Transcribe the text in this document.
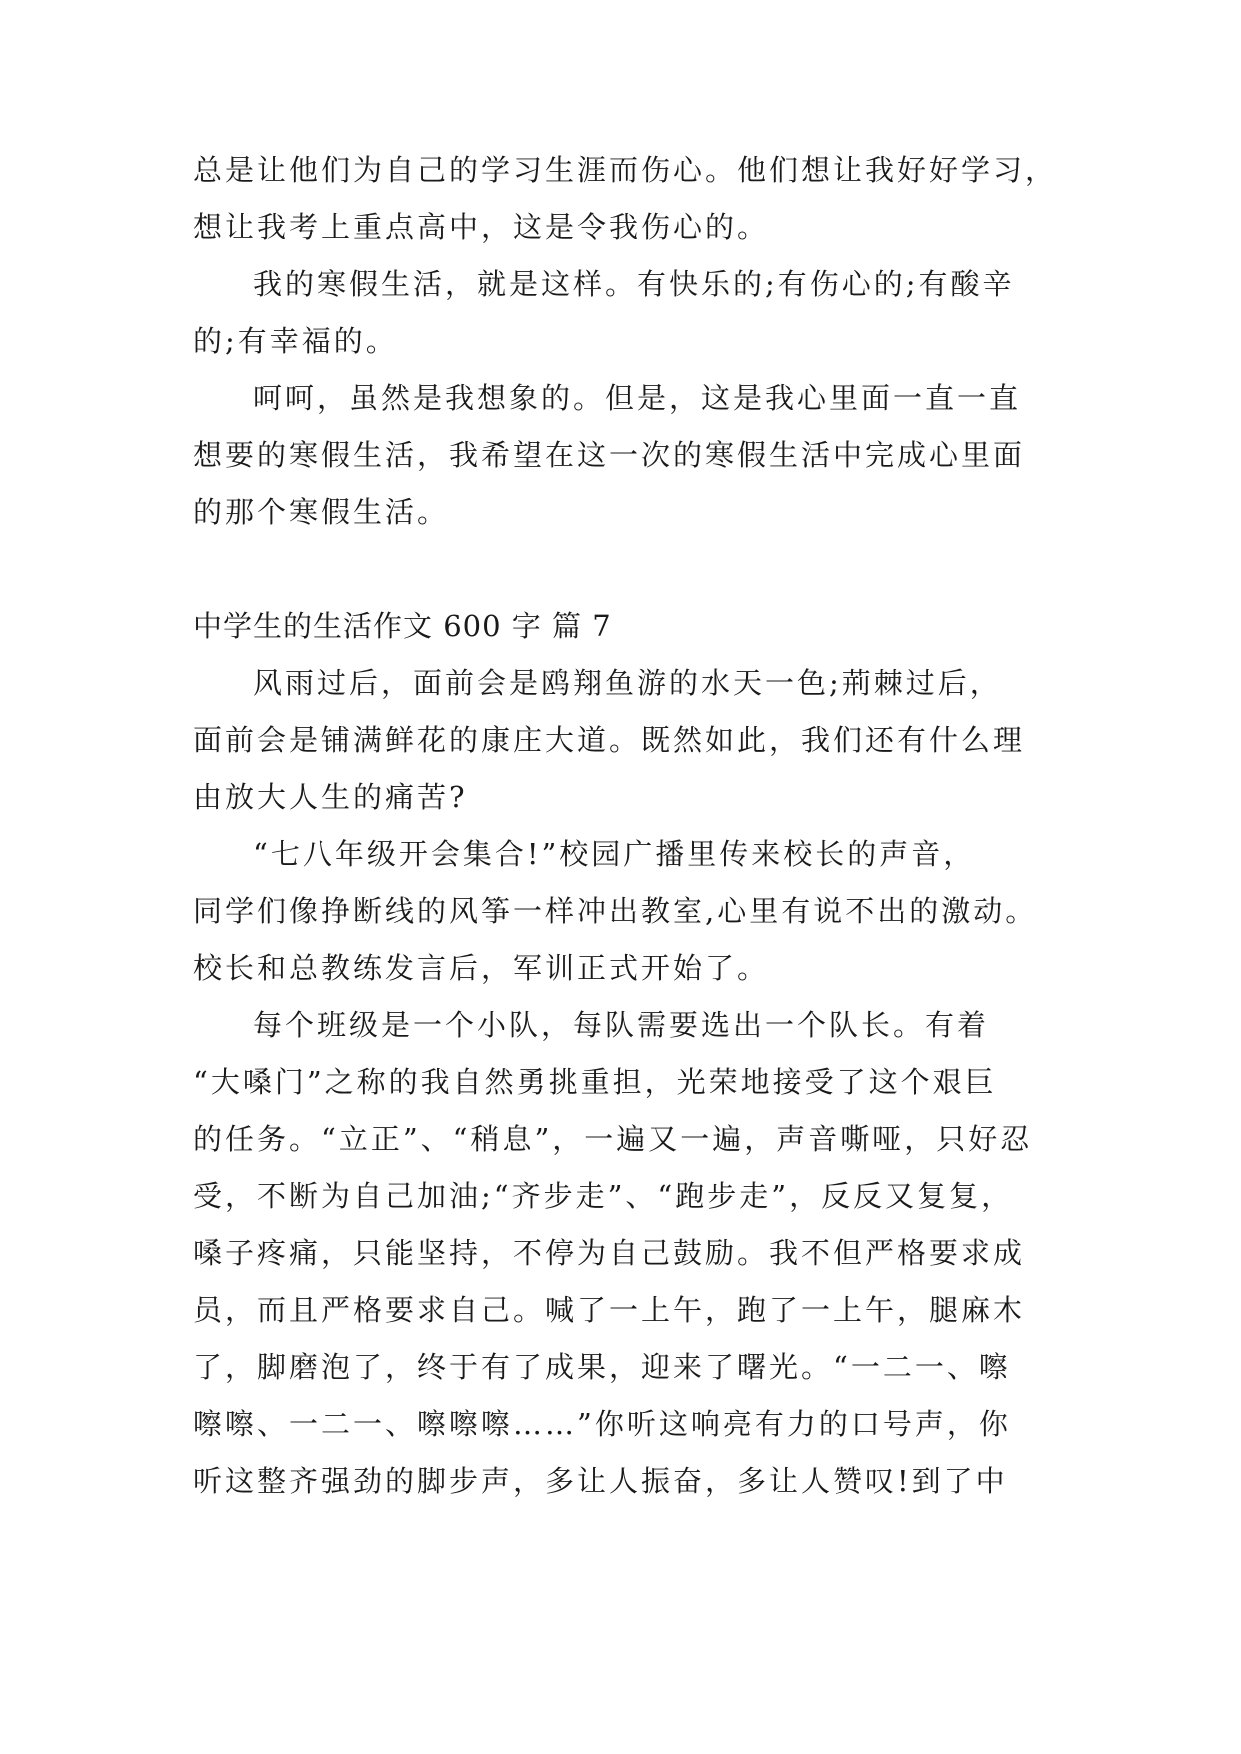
总是让他们为自己的学习生涯而伤心。他们想让我好好学习，
想让我考上重点高中，这是令我伤心的。
我的寒假生活，就是这样。有快乐的;有伤心的;有酸辛
的;有幸福的。
呵呵，虽然是我想象的。但是，这是我心里面一直一直
想要的寒假生活，我希望在这一次的寒假生活中完成心里面
的那个寒假生活。
中学生的生活作文 600 字 篇 7
风雨过后，面前会是鸥翔鱼游的水天一色;荊棘过后，
面前会是铺满鲜花的康庄大道。既然如此，我们还有什么理
由放大人生的痛苦?
“七八年级开会集合!”校园广播里传来校长的声音，
同学们像挣断线的风筝一样冲出教室,心里有说不出的激动。
校长和总教练发言后，军训正式开始了。
每个班级是一个小队，每队需要选出一个队长。有着
“大嗓门”之称的我自然勇挑重担，光荣地接受了这个艰巨
的任务。“立正”、“稍息”，一遍又一遍，声音嘶哑，只好忍
受，不断为自己加油;“齐步走”、“跑步走”，反反又复复，
嗓子疼痛，只能坚持，不停为自己鼓励。我不但严格要求成
员，而且严格要求自己。喊了一上午，跑了一上午，腿麻木
了，脚磨泡了，终于有了成果，迎来了曙光。“一二一、嚓
嚓嚓、一二一、嚓嚓嚓……”你听这响亮有力的口号声，你
听这整齐强劲的脚步声，多让人振奋，多让人赞叹!到了中
